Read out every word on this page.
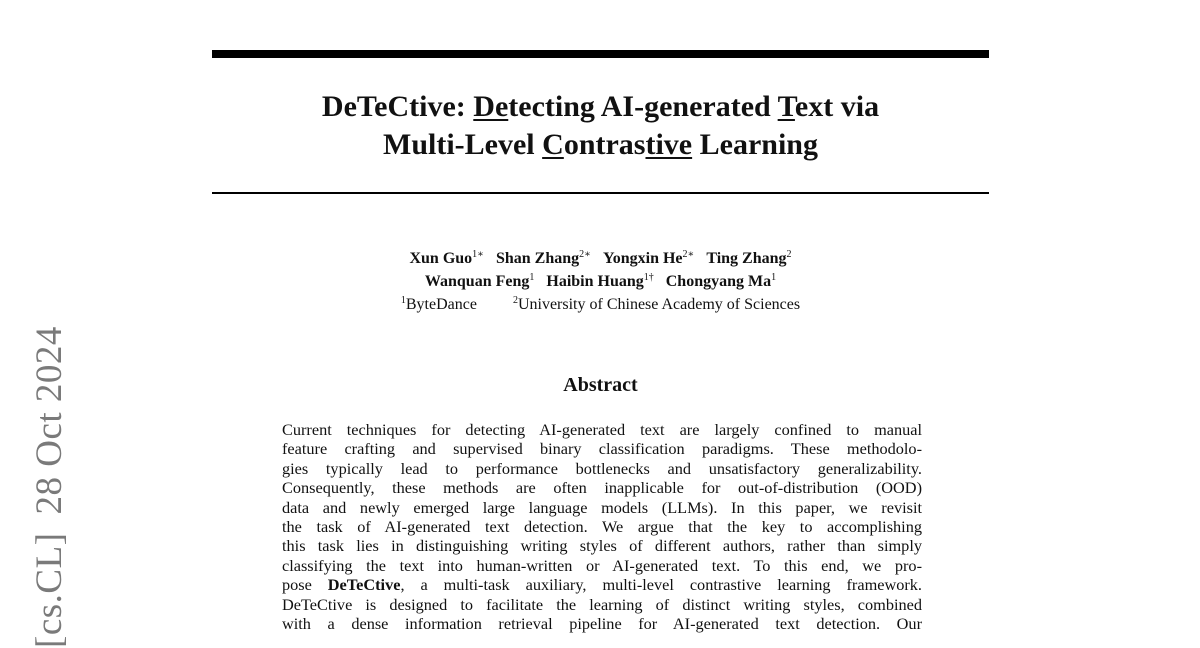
[cs.CL]28 Oct 2024
DeTeCtive: Detecting AI-generated Text via
Multi-Level Contrastive Learning
Xun Guo$^{1∗}$ Shan Zhang$^{2∗}$ Yongxin $He^{2∗}$ Ting Zhang$^2$
Wanquan Feng$^1$ Haibin Huang$^{1\dagger}$ Chongyang Ma$^1$
$^1$ByteDance	$^2$University of Chinese Academy of Sciences
Abstract
Current techniques for detecting AI-generated text are largely confined to manual
feature crafting and supervised binary classification paradigms. These methodolo-
gies typically lead to performance bottlenecks and unsatisfactory generalizability.
Consequently, these methods are often inapplicable for out-of-distribution (OOD)
data and newly emerged large language models (LLMs). In this paper, we revisit
the task of AI-generated text detection. We argue that the key to accomplishing
this task lies in distinguishing writing styles of different authors, rather than simply
classifying the text into human-written or AI-generated text. To this end, we pro-
pose DeTeCtive, a multi-task auxiliary, multi-level contrastive learning framework.
DeTeCtive is designed to facilitate the learning of distinct writing styles, combined
with a dense information retrieval pipeline for AI-generated text detection. Our
